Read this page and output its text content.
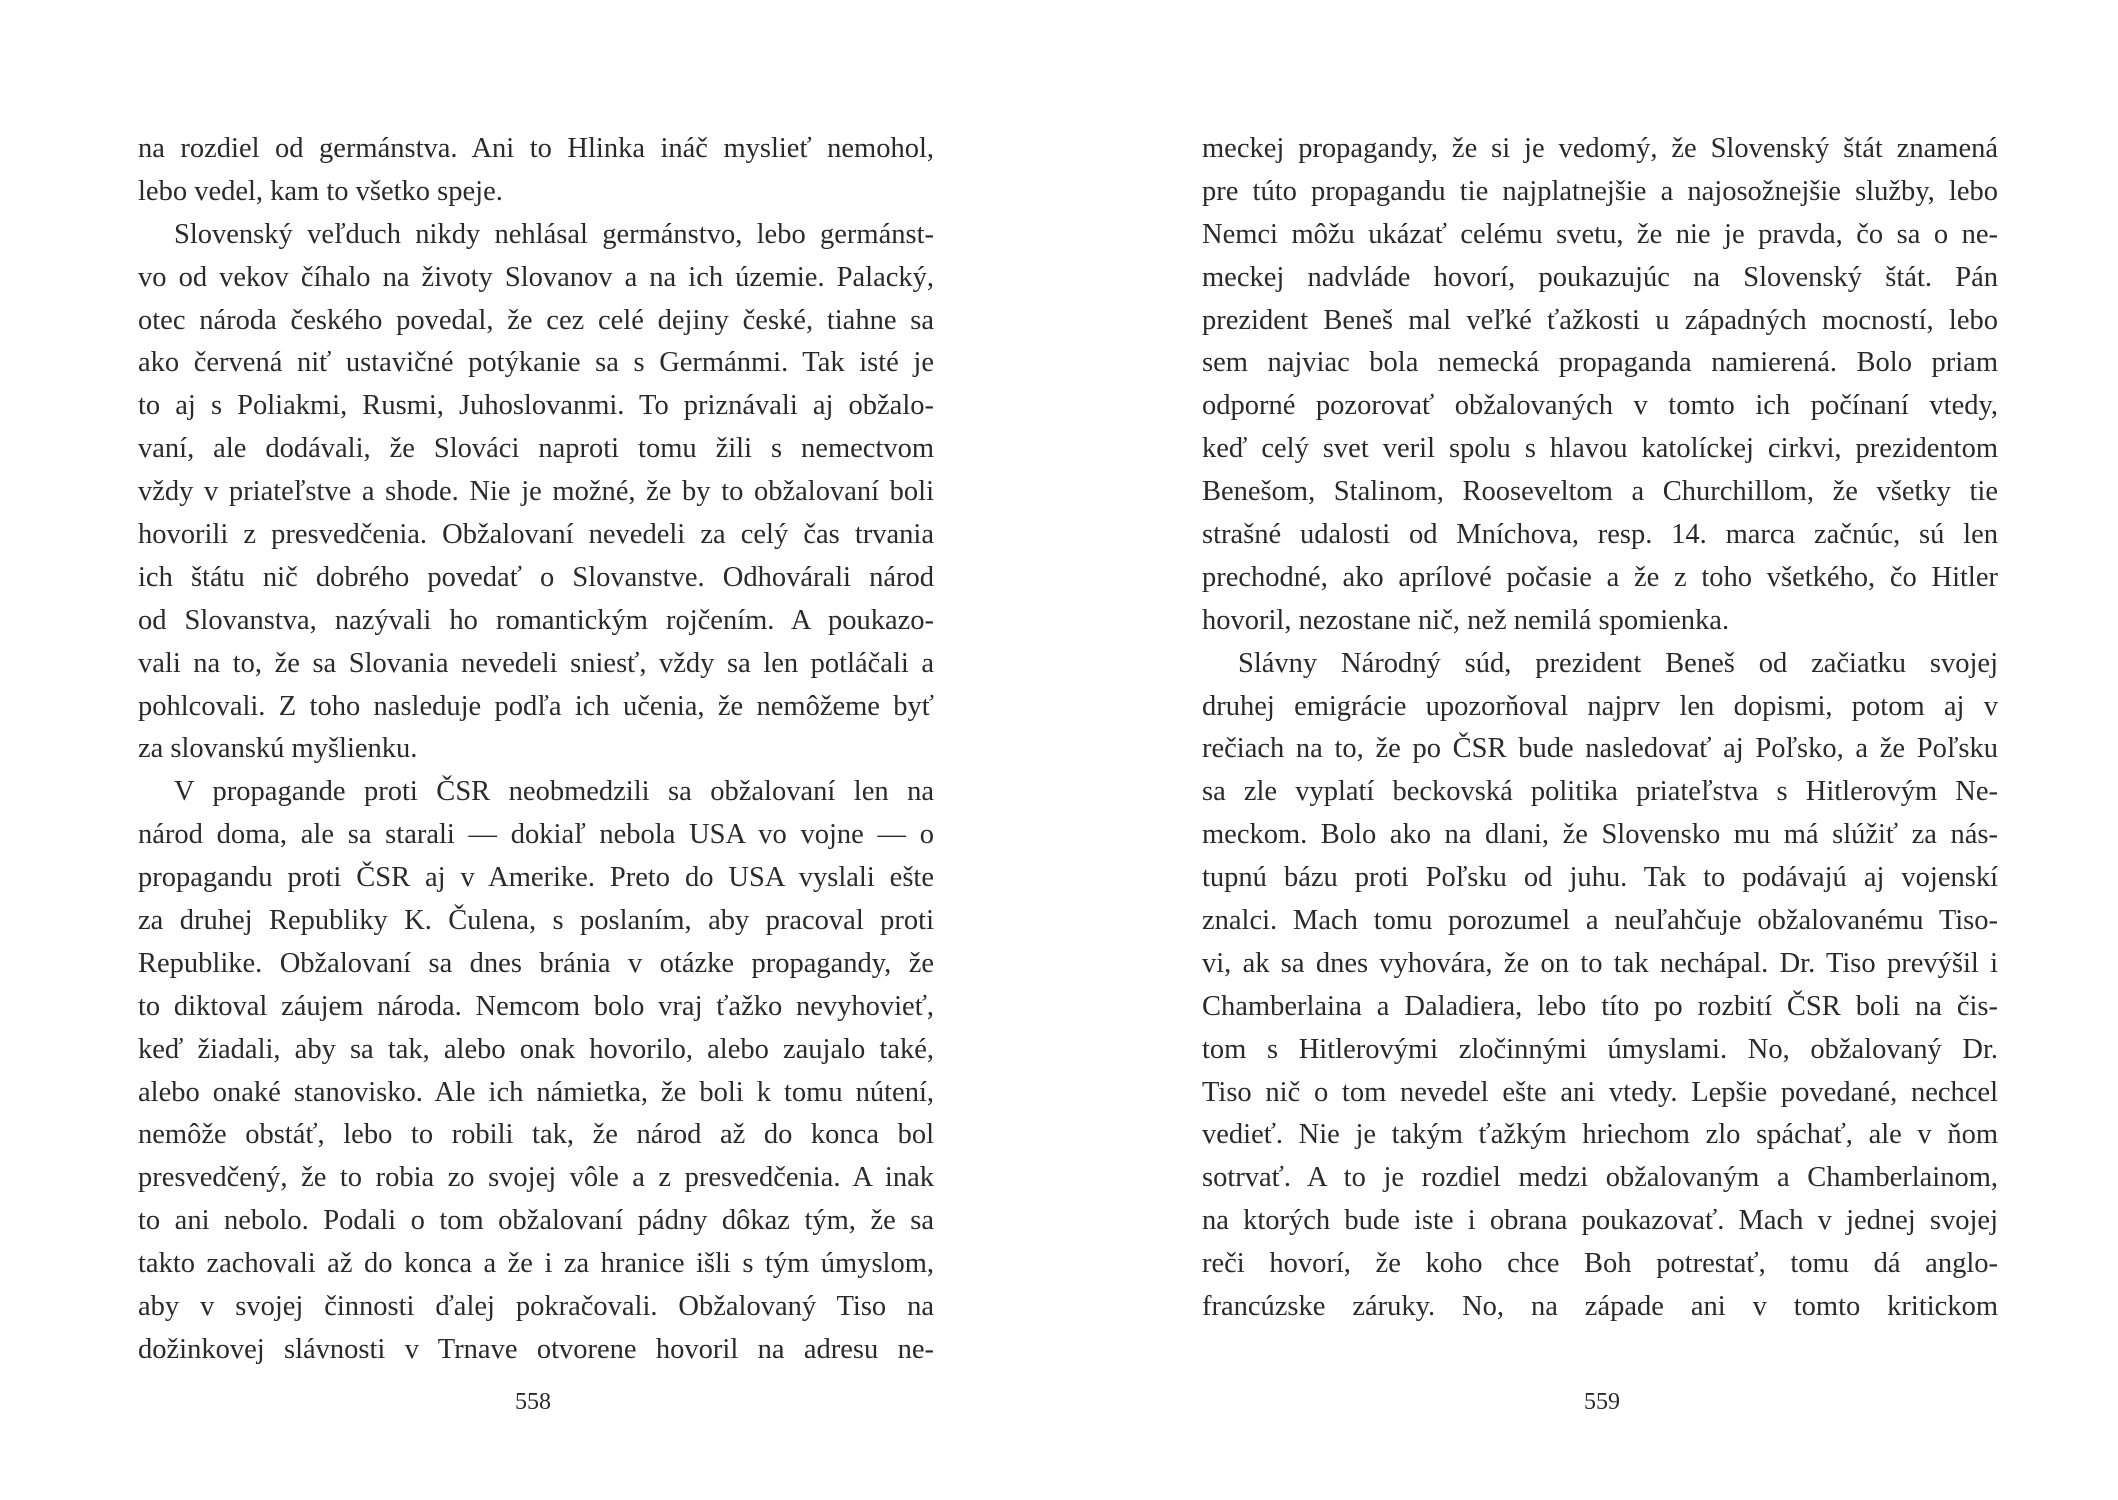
na rozdiel od germánstva. Ani to Hlinka ináč myslieť nemohol,
lebo vedel, kam to všetko speje.
Slovenský veľduch nikdy nehlásal germánstvo, lebo germánst-
vo od vekov číhalo na životy Slovanov a na ich územie. Palacký,
otec národa českého povedal, že cez celé dejiny české, tiahne sa
ako červená niť ustavičné potýkanie sa s Germánmi. Tak isté je
to aj s Poliakmi, Rusmi, Juhoslovanmi. To priznávali aj obžalo-
vaní, ale dodávali, že Slováci naproti tomu žili s nemectvom
vždy v priateľstve a shode. Nie je možné, že by to obžalovaní boli
hovorili z presvedčenia. Obžalovaní nevedeli za celý čas trvania
ich štátu nič dobrého povedať o Slovanstve. Odhovárali národ
od Slovanstva, nazývali ho romantickým rojčením. A poukazo-
vali na to, že sa Slovania nevedeli sniesť, vždy sa len potláčali a
pohlcovali. Z toho nasleduje podľa ich učenia, že nemôžeme byť
za slovanskú myšlienku.
V propagande proti ČSR neobmedzili sa obžalovaní len na
národ doma, ale sa starali — dokiaľ nebola USA vo vojne — o
propagandu proti ČSR aj v Amerike. Preto do USA vyslali ešte
za druhej Republiky K. Čulena, s poslaním, aby pracoval proti
Republike. Obžalovaní sa dnes bránia v otázke propagandy, že
to diktoval záujem národa. Nemcom bolo vraj ťažko nevyhovieť,
keď žiadali, aby sa tak, alebo onak hovorilo, alebo zaujalo také,
alebo onaké stanovisko. Ale ich námietka, že boli k tomu nútení,
nemôže obstáť, lebo to robili tak, že národ až do konca bol
presvedčený, že to robia zo svojej vôle a z presvedčenia. A inak
to ani nebolo. Podali o tom obžalovaní pádny dôkaz tým, že sa
takto zachovali až do konca a že i za hranice išli s tým úmyslom,
aby v svojej činnosti ďalej pokračovali. Obžalovaný Tiso na
dožinkovej slávnosti v Trnave otvorene hovoril na adresu ne-
558
meckej propagandy, že si je vedomý, že Slovenský štát znamená
pre túto propagandu tie najplatnejšie a najosožnejšie služby, lebo
Nemci môžu ukázať celému svetu, že nie je pravda, čo sa o ne-
meckej nadvláde hovorí, poukazujúc na Slovenský štát. Pán
prezident Beneš mal veľké ťažkosti u západných mocností, lebo
sem najviac bola nemecká propaganda namierená. Bolo priam
odporné pozorovať obžalovaných v tomto ich počínaní vtedy,
keď celý svet veril spolu s hlavou katolíckej cirkvi, prezidentom
Benešom, Stalinom, Rooseveltom a Churchillom, že všetky tie
strašné udalosti od Mníchova, resp. 14. marca začnúc, sú len
prechodné, ako aprílové počasie a že z toho všetkého, čo Hitler
hovoril, nezostane nič, než nemilá spomienka.
Slávny Národný súd, prezident Beneš od začiatku svojej
druhej emigrácie upozorňoval najprv len dopismi, potom aj v
rečiach na to, že po ČSR bude nasledovať aj Poľsko, a že Poľsku
sa zle vyplatí beckovská politika priateľstva s Hitlerovým Ne-
meckom. Bolo ako na dlani, že Slovensko mu má slúžiť za nás-
tupnú bázu proti Poľsku od juhu. Tak to podávajú aj vojenskí
znalci. Mach tomu porozumel a neuľahčuje obžalovanému Tiso-
vi, ak sa dnes vyhovára, že on to tak nechápal. Dr. Tiso prevýšil i
Chamberlaina a Daladiera, lebo títo po rozbití ČSR boli na čis-
tom s Hitlerovými zločinnými úmyslami. No, obžalovaný Dr.
Tiso nič o tom nevedel ešte ani vtedy. Lepšie povedané, nechcel
vedieť. Nie je takým ťažkým hriechom zlo spáchať, ale v ňom
sotrvať. A to je rozdiel medzi obžalovaným a Chamberlainom,
na ktorých bude iste i obrana poukazovať. Mach v jednej svojej
reči hovorí, že koho chce Boh potrestať, tomu dá anglo-
francúzske záruky. No, na západe ani v tomto kritickom
559
